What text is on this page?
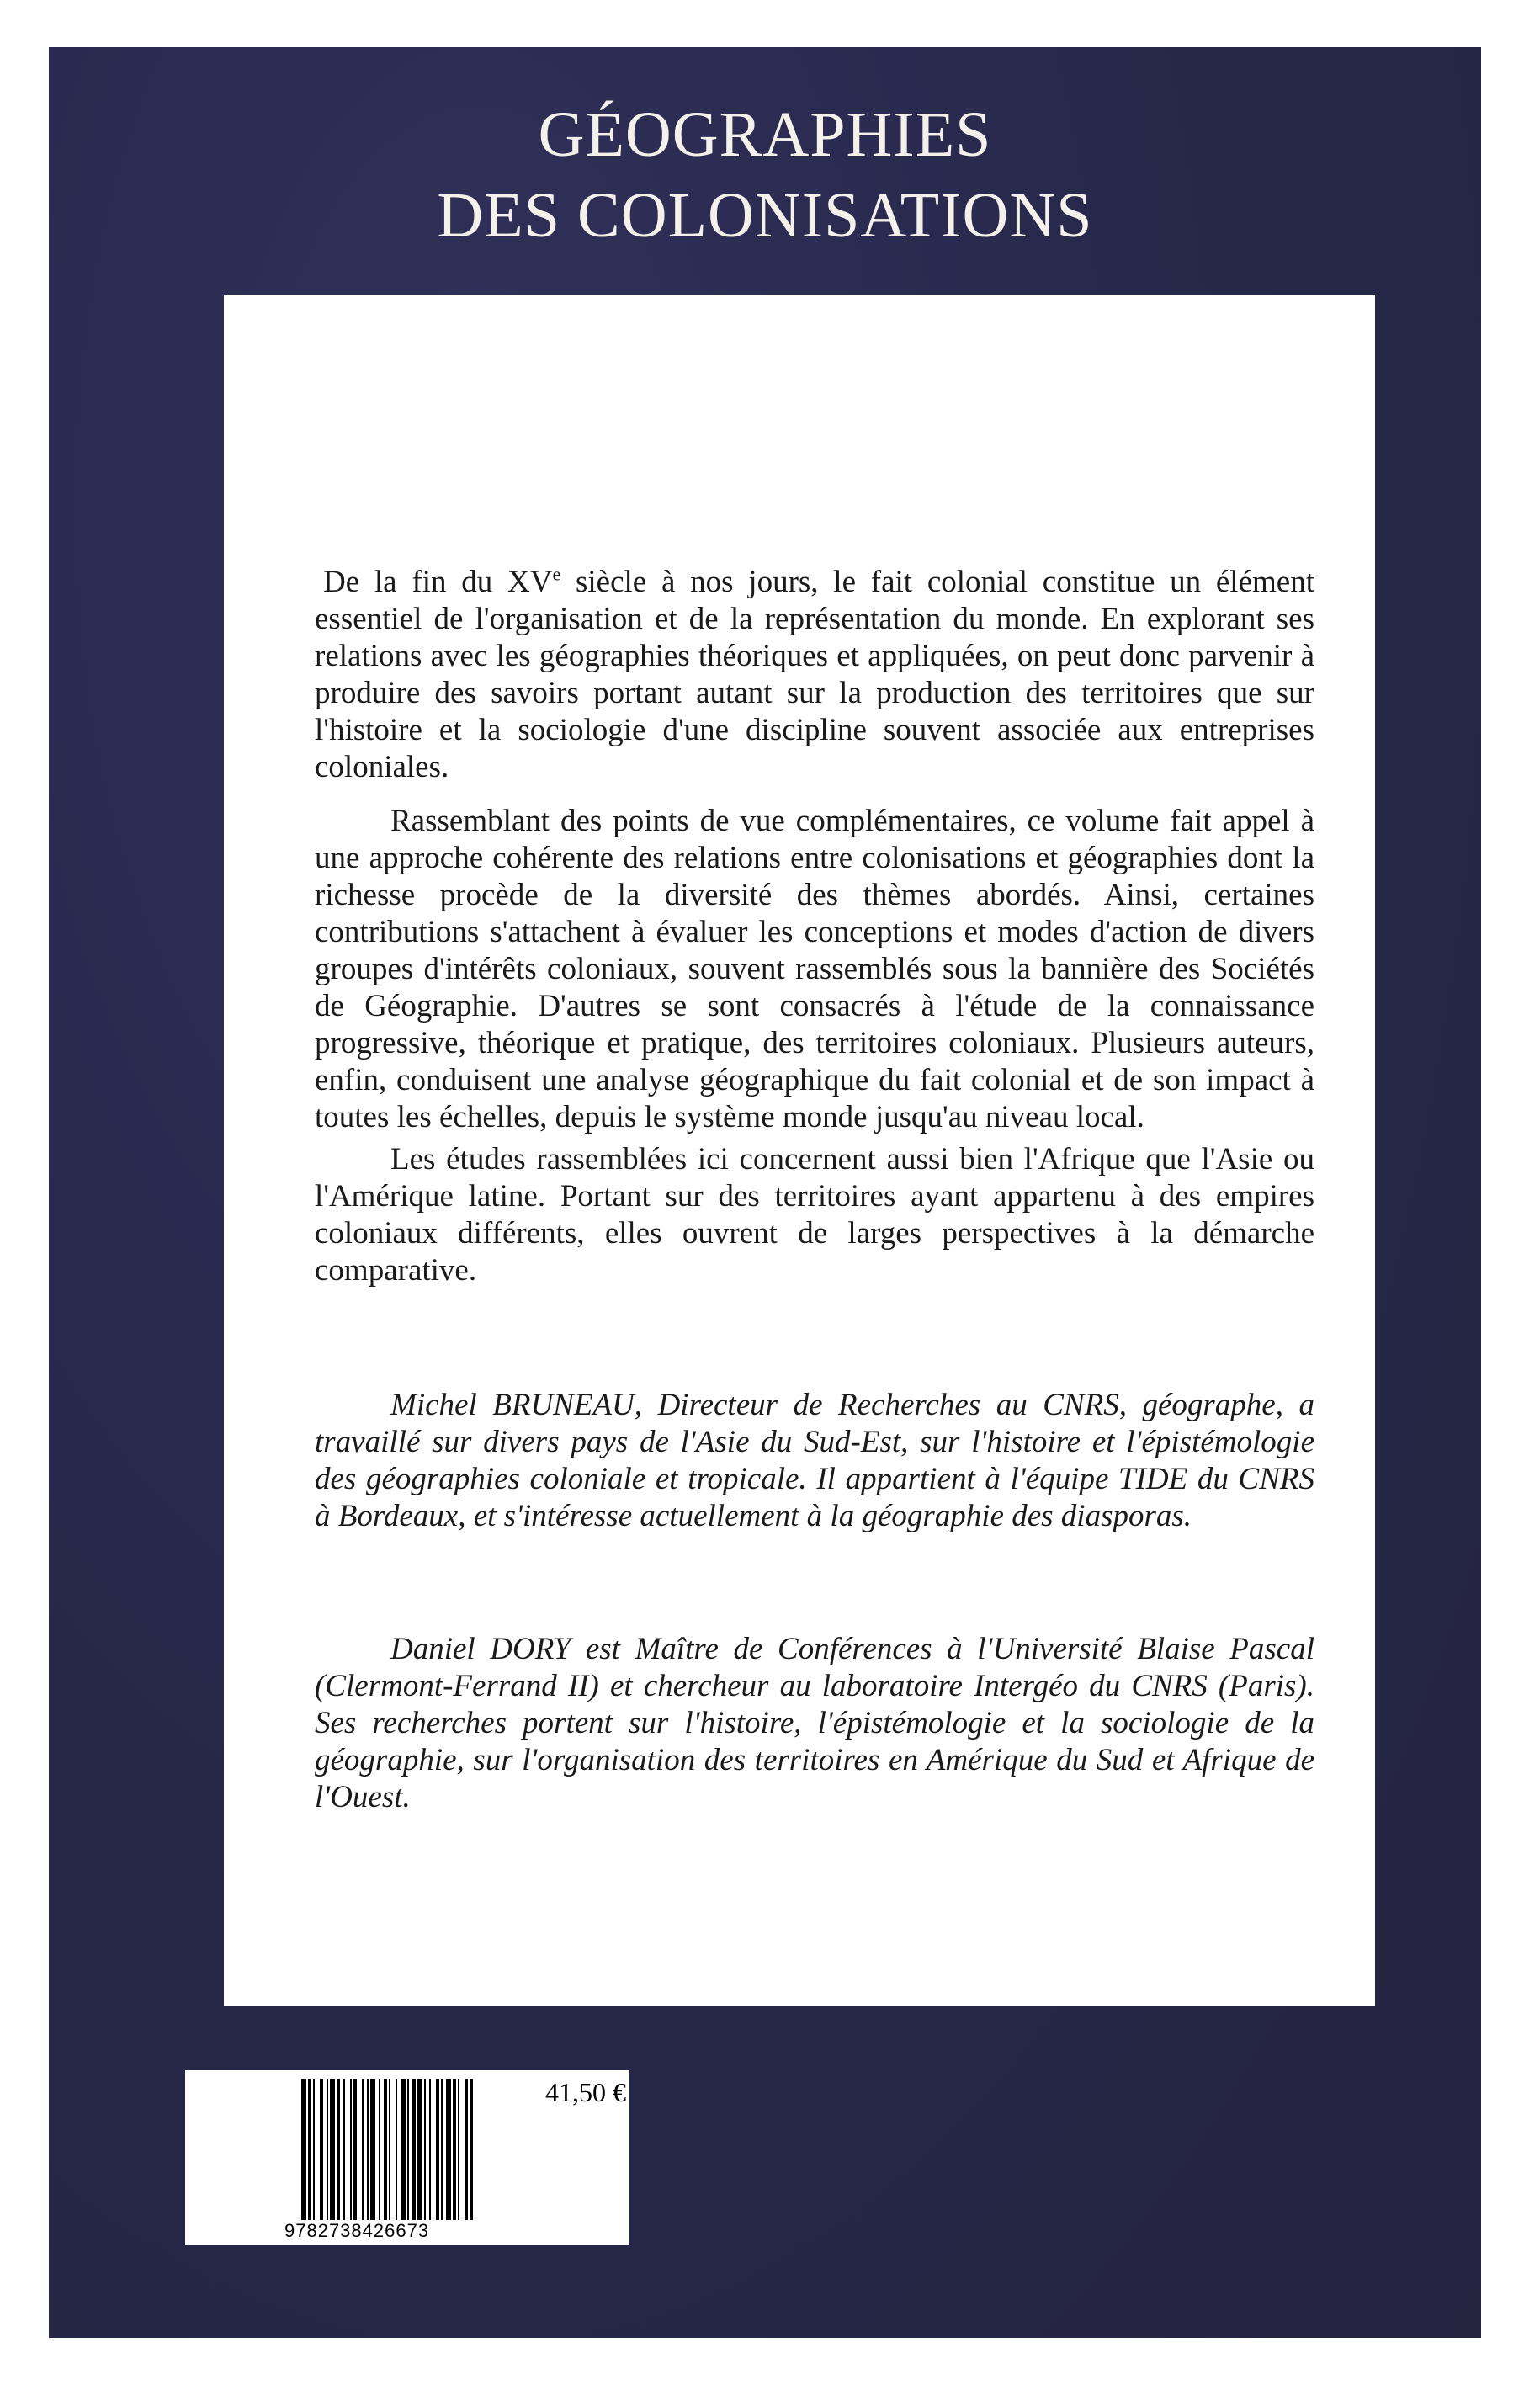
GÉOGRAPHIES
DES COLONISATIONS

De la fin du XVe siècle à nos jours, le fait colonial constitue un élément essentiel de l'organisation et de la représentation du monde. En explorant ses relations avec les géographies théoriques et appliquées, on peut donc parvenir à produire des savoirs portant autant sur la production des territoires que sur l'histoire et la sociologie d'une discipline souvent associée aux entreprises coloniales.

Rassemblant des points de vue complémentaires, ce volume fait appel à une approche cohérente des relations entre colonisations et géographies dont la richesse procède de la diversité des thèmes abordés. Ainsi, certaines contributions s'attachent à évaluer les conceptions et modes d'action de divers groupes d'intérêts coloniaux, souvent rassemblés sous la bannière des Sociétés de Géographie. D'autres se sont consacrés à l'étude de la connaissance progressive, théorique et pratique, des territoires coloniaux. Plusieurs auteurs, enfin, conduisent une analyse géographique du fait colonial et de son impact à toutes les échelles, depuis le système monde jusqu'au niveau local.

Les études rassemblées ici concernent aussi bien l'Afrique que l'Asie ou l'Amérique latine. Portant sur des territoires ayant appartenu à des empires coloniaux différents, elles ouvrent de larges perspectives à la démarche comparative.

Michel BRUNEAU, Directeur de Recherches au CNRS, géographe, a travaillé sur divers pays de l'Asie du Sud-Est, sur l'histoire et l'épistémologie des géographies coloniale et tropicale. Il appartient à l'équipe TIDE du CNRS à Bordeaux, et s'intéresse actuellement à la géographie des diasporas.

Daniel DORY est Maître de Conférences à l'Université Blaise Pascal (Clermont-Ferrand II) et chercheur au laboratoire Intergéo du CNRS (Paris). Ses recherches portent sur l'histoire, l'épistémologie et la sociologie de la géographie, sur l'organisation des territoires en Amérique du Sud et Afrique de l'Ouest.

9782738426673
41,50 €
